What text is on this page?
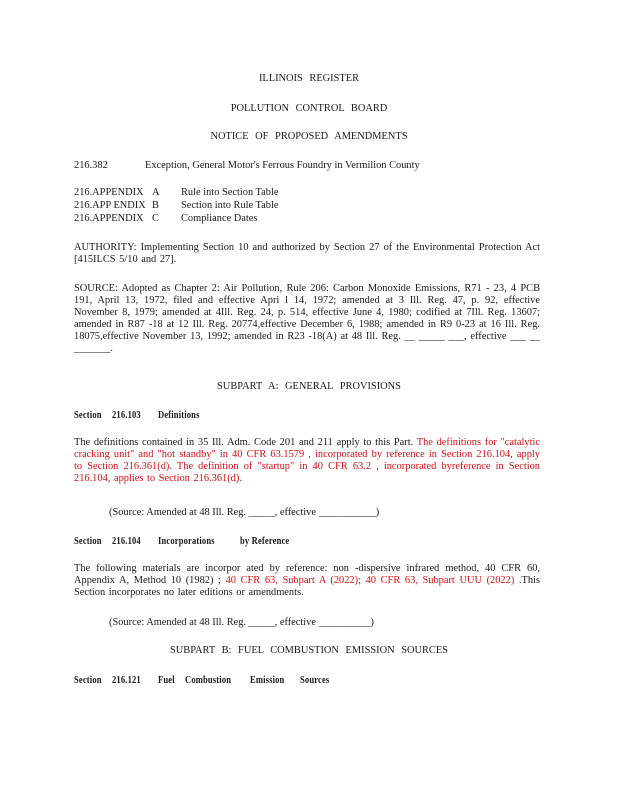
ILLINOIS REGISTER
POLLUTION CONTROL BOARD
NOTICE OF PROPOSED AMENDMENTS
216.382	Exception, General Motor's Ferrous Foundry in Vermilion County
216.APPENDIX A Rule into Section Table
216.APP ENDIX B Section into Rule Table
216.APPENDIX C Compliance Dates
AUTHORITY: Implementing Section 10 and authorized by Section 27 of the Environmental Protection Act [415ILCS 5/10 and 27].
SOURCE: Adopted as Chapter 2: Air Pollution, Rule 206: Carbon Monoxide Emissions, R71 - 23, 4 PCB 191, April 13, 1972, filed and effective Apri l 14, 1972; amended at 3 Ill. Reg. 47, p. 92, effective November 8, 1979; amended at 4Ill. Reg. 24, p. 514, effective June 4, 1980; codified at 7Ill. Reg. 13607; amended in R87 -18 at 12 Ill. Reg. 20774,effective December 6, 1988; amended in R9 0-23 at 16 Ill. Reg. 18075,effective November 13, 1992; amended in R23 -18(A) at 48 Ill. Reg. __ _____ ___, effective ___ __ _______.
SUBPART A: GENERAL PROVISIONS
Section 216.103 Definitions
The definitions contained in 35 Ill. Adm. Code 201 and 211 apply to this Part. The definitions for "catalytic cracking unit" and "hot standby" in 40 CFR 63.1579 , incorporated by reference in Section 216.104, apply to Section 216.361(d). The definition of "startup" in 40 CFR 63.2 , incorporated byreference in Section 216.104, applies to Section 216.361(d).
(Source: Amended at 48 Ill. Reg. _____, effective ___________)
Section 216.104 Incorporations by Reference
The following materials are incorpor ated by reference: non -dispersive infrared method, 40 CFR 60, Appendix A, Method 10 (1982) ; 40 CFR 63, Subpart A (2022); 40 CFR 63, Subpart UUU (2022) .This Section incorporates no later editions or amendments.
(Source: Amended at 48 Ill. Reg. _____, effective __________)
SUBPART B: FUEL COMBUSTION EMISSION SOURCES
Section 216.121 Fuel Combustion Emission Sources
